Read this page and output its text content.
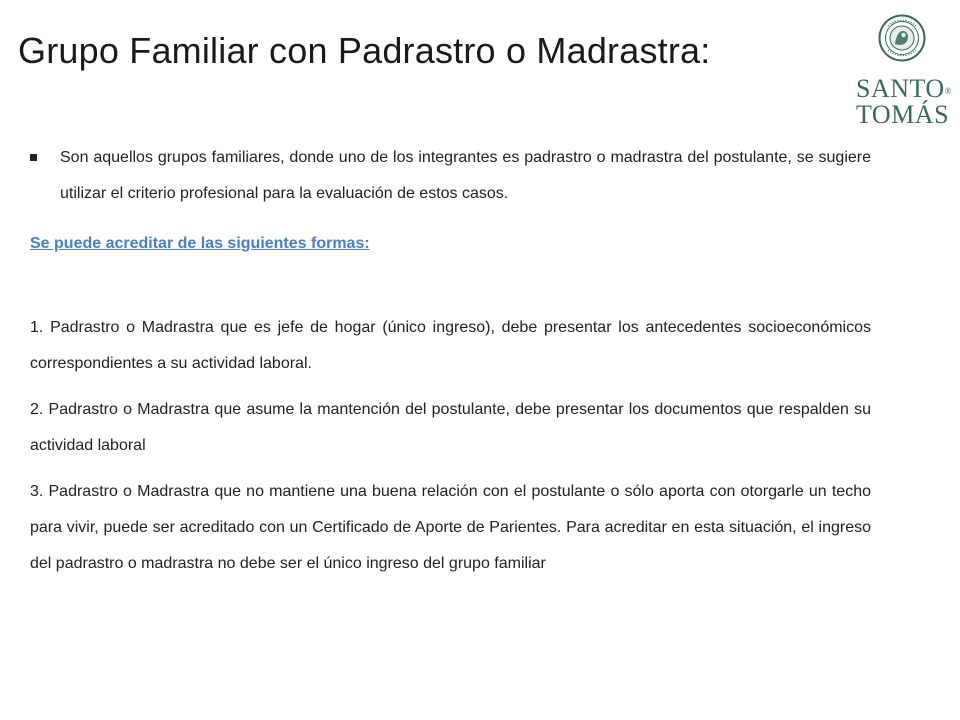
Grupo Familiar con Padrastro o Madrastra:
SANTO®
TOMÁS

Son aquellos grupos familiares, donde uno de los integrantes es padrastro o madrastra del postulante, se sugiere utilizar el criterio profesional para la evaluación de estos casos.

Se puede acreditar de las siguientes formas:

1. Padrastro o Madrastra que es jefe de hogar (único ingreso), debe presentar los antecedentes socioeconómicos correspondientes a su actividad laboral.

2. Padrastro o Madrastra que asume la mantención del postulante, debe presentar los documentos que respalden su actividad laboral

3. Padrastro o Madrastra que no mantiene una buena relación con el postulante o sólo aporta con otorgarle un techo para vivir, puede ser acreditado con un Certificado de Aporte de Parientes. Para acreditar en esta situación, el ingreso del padrastro o madrastra no debe ser el único ingreso del grupo familiar
